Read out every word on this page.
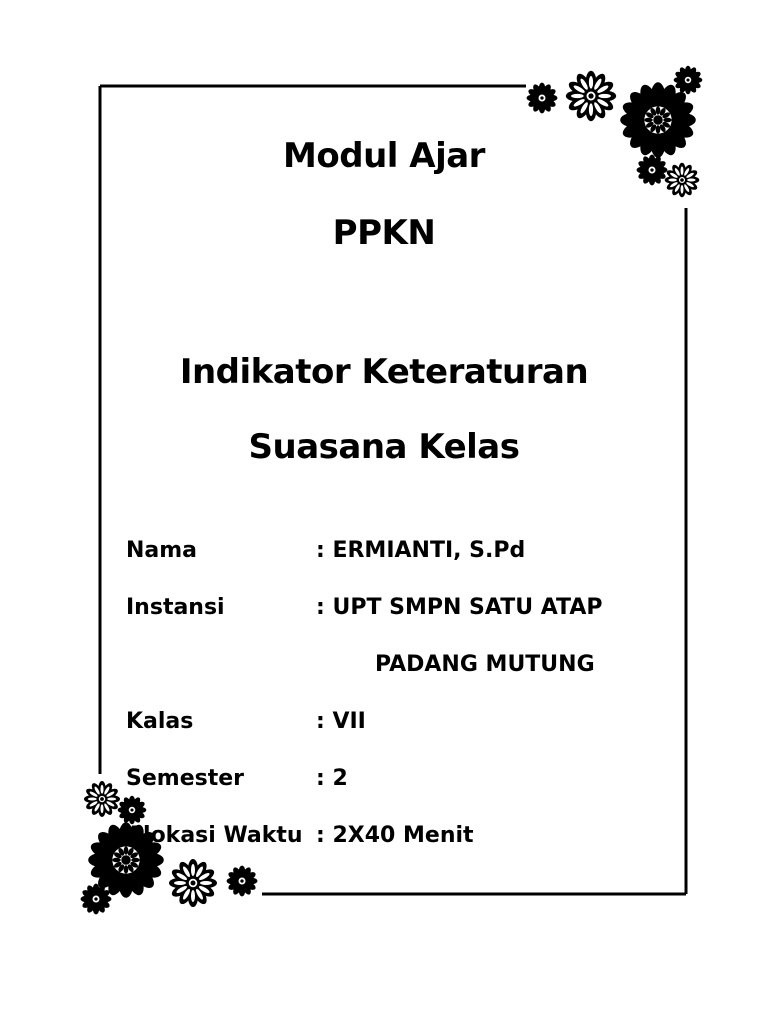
Modul Ajar
PPKN
Indikator Keteraturan
Suasana Kelas
Nama	: ERMIANTI, S.Pd
Instansi	: UPT SMPN SATU ATAP
PADANG MUTUNG
Kalas	: VII
Semester	: 2
Alokasi Waktu : 2X40 Menit
